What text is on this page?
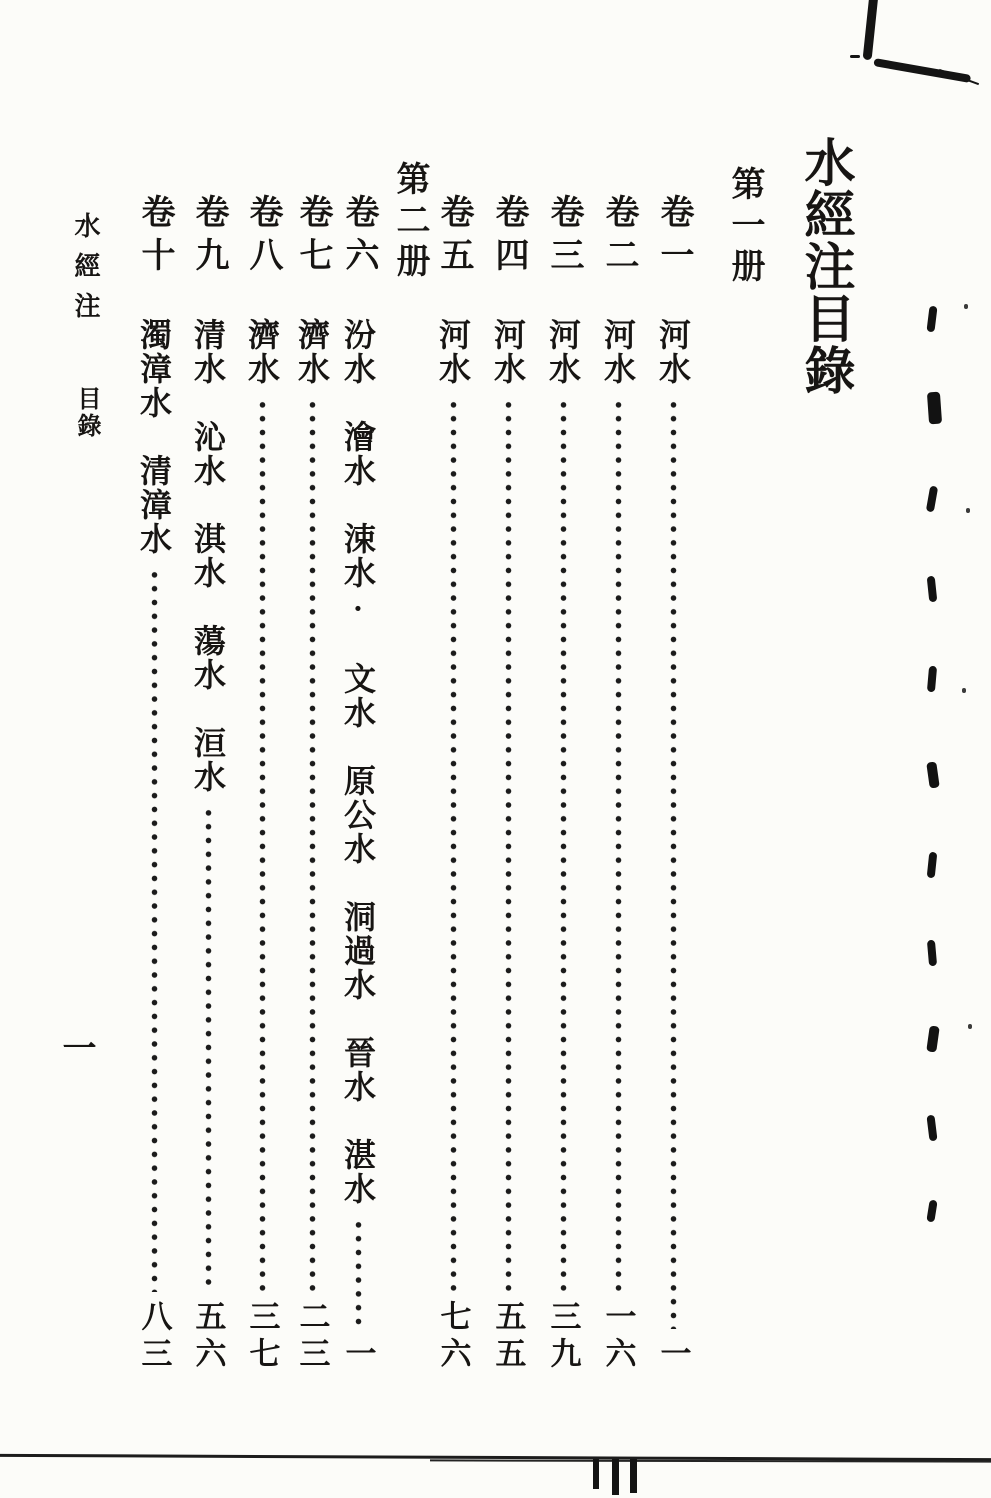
水經注目錄
第一册
第二册	卷一
河水
一
卷二
河水
一六
卷三
河水
三九
卷四
河水
五五
卷五
河水
七六
卷六
汾水　澮水　涑水·　文水　原公水　洞過水　晉水　湛水
一
卷七
濟水
二三
卷八
濟水
三七
卷九
清水　沁水　淇水　蕩水　洹水
五六
卷十
濁漳水　清漳水
八三
水經注
目錄
一
